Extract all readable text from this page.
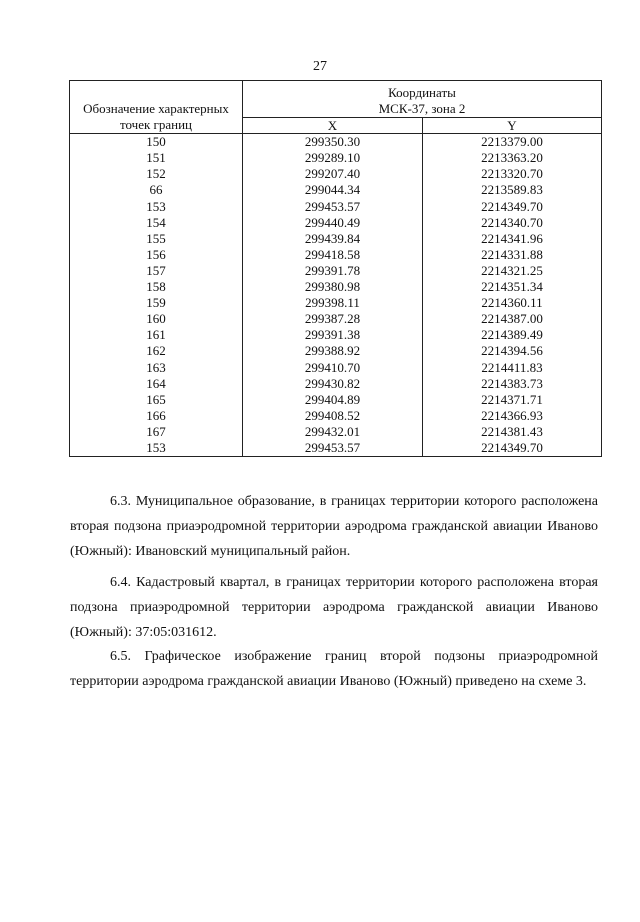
27
Обозначение характерных точек границ	Координаты
МСК-37, зона 2	
	X	Y
150	299350.30	2213379.00
151	299289.10	2213363.20
152	299207.40	2213320.70
66	299044.34	2213589.83
153	299453.57	2214349.70
154	299440.49	2214340.70
155	299439.84	2214341.96
156	299418.58	2214331.88
157	299391.78	2214321.25
158	299380.98	2214351.34
159	299398.11	2214360.11
160	299387.28	2214387.00
161	299391.38	2214389.49
162	299388.92	2214394.56
163	299410.70	2214411.83
164	299430.82	2214383.73
165	299404.89	2214371.71
166	299408.52	2214366.93
167	299432.01	2214381.43
153	299453.57	2214349.70

6.3. Муниципальное образование, в границах территории которого расположена вторая подзона приаэродромной территории аэродрома гражданской авиации Иваново (Южный): Ивановский муниципальный район.

6.4. Кадастровый квартал, в границах территории которого расположена вторая подзона приаэродромной территории аэродрома гражданской авиации Иваново (Южный): 37:05:031612.

6.5. Графическое изображение границ второй подзоны приаэродромной территории аэродрома гражданской авиации Иваново (Южный) приведено на схеме 3.
